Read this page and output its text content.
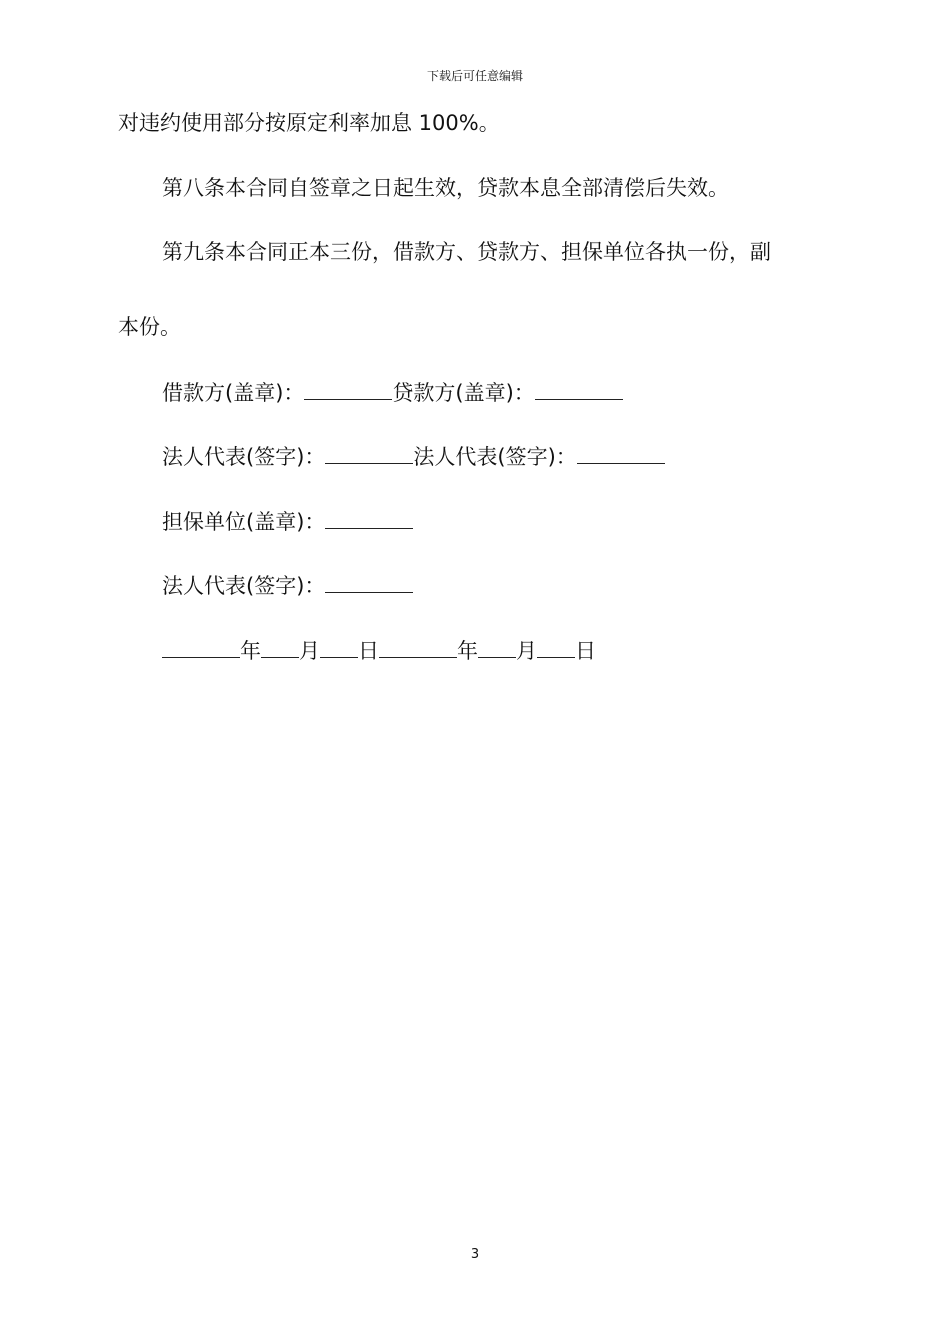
下载后可任意编辑
对违约使用部分按原定利率加息 100%。
第八条本合同自签章之日起生效，贷款本息全部清偿后失效。
第九条本合同正本三份，借款方、贷款方、担保单位各执一份，副
本份。
借款方(盖章)：	贷款方(盖章)：
法人代表(签字)：	法人代表(签字)：
担保单位(盖章)：
法人代表(签字)：
年 月 日	年 月 日
3
